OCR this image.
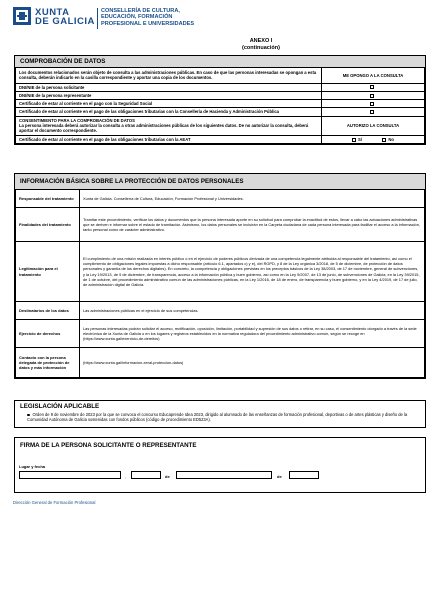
XUNTA
DE GALICIA
CONSELLERÍA DE CULTURA,
EDUCACIÓN, FORMACIÓN
PROFESIONAL E UNIVERSIDADES
ANEXO I
(continuación)
COMPROBACIÓN DE DATOS
Los documentos relacionados serán objeto de consulta a las administraciones públicas. En caso de que las personas interesadas se opongan a esta consulta, deberán indicarlo en la casilla correspondiente y aportar una copia de los documentos.	ME OPONGO A LA CONSULTA
DNI/NIE de la persona solicitante	
DNI/NIE de la persona representante	
Certificado de estar al corriente en el pago con la Seguridad Social	
Certificado de estar al corriente en el pago de las obligaciones tributarias con la Consellería de Hacienda y Administración Pública	

CONSENTIMIENTO PARA LA COMPROBACIÓN DE DATOS
La persona interesada deberá autorizar la consulta a otras administraciones públicas de los siguientes datos. De no autorizar la consulta, deberá aportar el documento correspondiente.	AUTORIZO LA CONSULTA
Certificado de estar al corriente en el pago de las obligaciones tributarias con la AEAT	Sí No
INFORMACIÓN BÁSICA SOBRE LA PROTECCIÓN DE DATOS PERSONALES
Responsable del tratamiento	Xunta de Galicia. Consellería de Cultura, Educación, Formación Profesional y Universidades.
Finalidades del tratamiento	Tramitar este procedimiento, verificar los datos y documentos que la persona interesada aporte en su solicitud para comprobar la exactitud de estos, llevar a cabo las actuaciones administrativas que se deriven e informar sobre el estado de tramitación. Asimismo, los datos personales se incluirán en la Carpeta ciudadana de cada persona interesada para facilitar el acceso a la información, tanto personal como de carácter administrativo.
Legitimación para el tratamiento	El cumplimiento de una misión realizada en interés público o en el ejercicio de poderes públicos derivada de una competencia legalmente atribuida al responsable del tratamiento, así como el cumplimiento de obligaciones legales impuestas a dicho responsable (artículo 6.1, apartados c) y e), del RGPD, y 8 de la Ley orgánica 3/2018, de 5 de diciembre, de protección de datos personales y garantía de los derechos digitales). En concreto, la competencia y obligaciones previstas en los preceptos básicos de la Ley 38/2003, de 17 de noviembre, general de subvenciones, y la Ley 19/2013, de 9 de diciembre, de transparencia, acceso a la información pública y buen gobierno, así como en la Ley 9/2007, de 13 de junio, de subvenciones de Galicia, en la Ley 39/2015, de 1 de octubre, del procedimiento administrativo común de las administraciones públicas, en la Ley 1/2016, de 18 de enero, de transparencia y buen gobierno, y en la Ley 4/2019, de 17 de julio, de administración digital de Galicia.
Destinatarios de los datos	Las administraciones públicas en el ejercicio de sus competencias.
Ejercicio de derechos	Las personas interesadas podrán solicitar el acceso, rectificación, oposición, limitación, portabilidad y supresión de sus datos o retirar, en su caso, el consentimiento otorgado a través de la sede electrónica de la Xunta de Galicia o en los lugares y registros establecidos en la normativa reguladora del procedimiento administrativo común, según se recoge en (https://www.xunta.gal/exercicio-de-dereitos)
Contacto con la persona delegada de protección de datos y más información	(https://www.xunta.gal/informacion-xeral-proteccion-datos)
LEGISLACIÓN APLICABLE
Orden de 9 de noviembre de 2023 por la que se convoca el concurso Educaprende Idea 2023, dirigido al alumnado de las enseñanzas de formación profesional, deportivas o de artes plásticas y diseño de la Comunidad Autónoma de Galicia sostenidas con fondos públicos (código de procedimiento ED523A).
FIRMA DE LA PERSONA SOLICITANTE O REPRESENTANTE
Lugar y fecha
,	de	de
Dirección General de Formación Profesional
